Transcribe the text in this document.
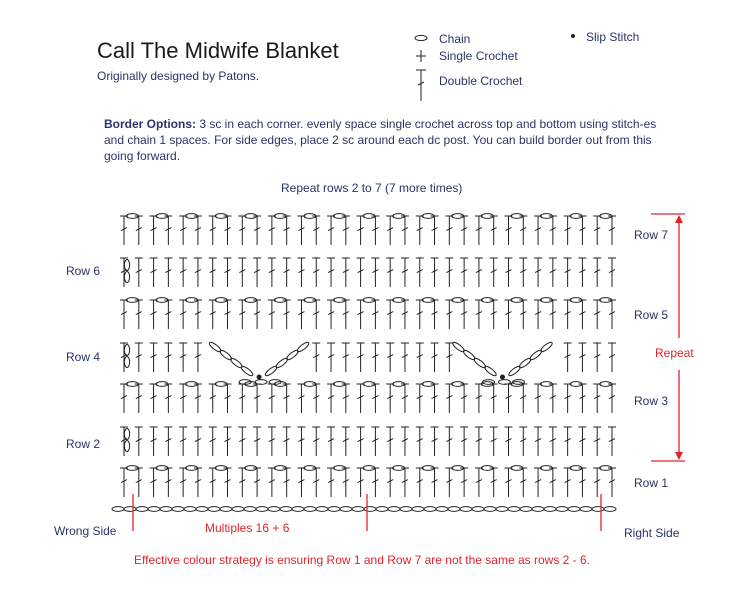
Call The Midwife Blanket
Originally designed by Patons.
Chain
Single Crochet
Double Crochet
Slip Stitch
Border Options: 3 sc in each corner. evenly space single crochet across top and bottom using stitch-es and chain 1 spaces. For side edges, place 2 sc around each dc post. You can build border out from this going forward.
Repeat rows 2 to 7 (7 more times)
Row 6
Row 4
Row 2
Row 7
Row 5
Row 3
Row 1
Repeat
Wrong Side	Right Side
Multiples 16 + 6
Effective colour strategy is ensuring Row 1 and Row 7 are not the same as rows 2 - 6.
